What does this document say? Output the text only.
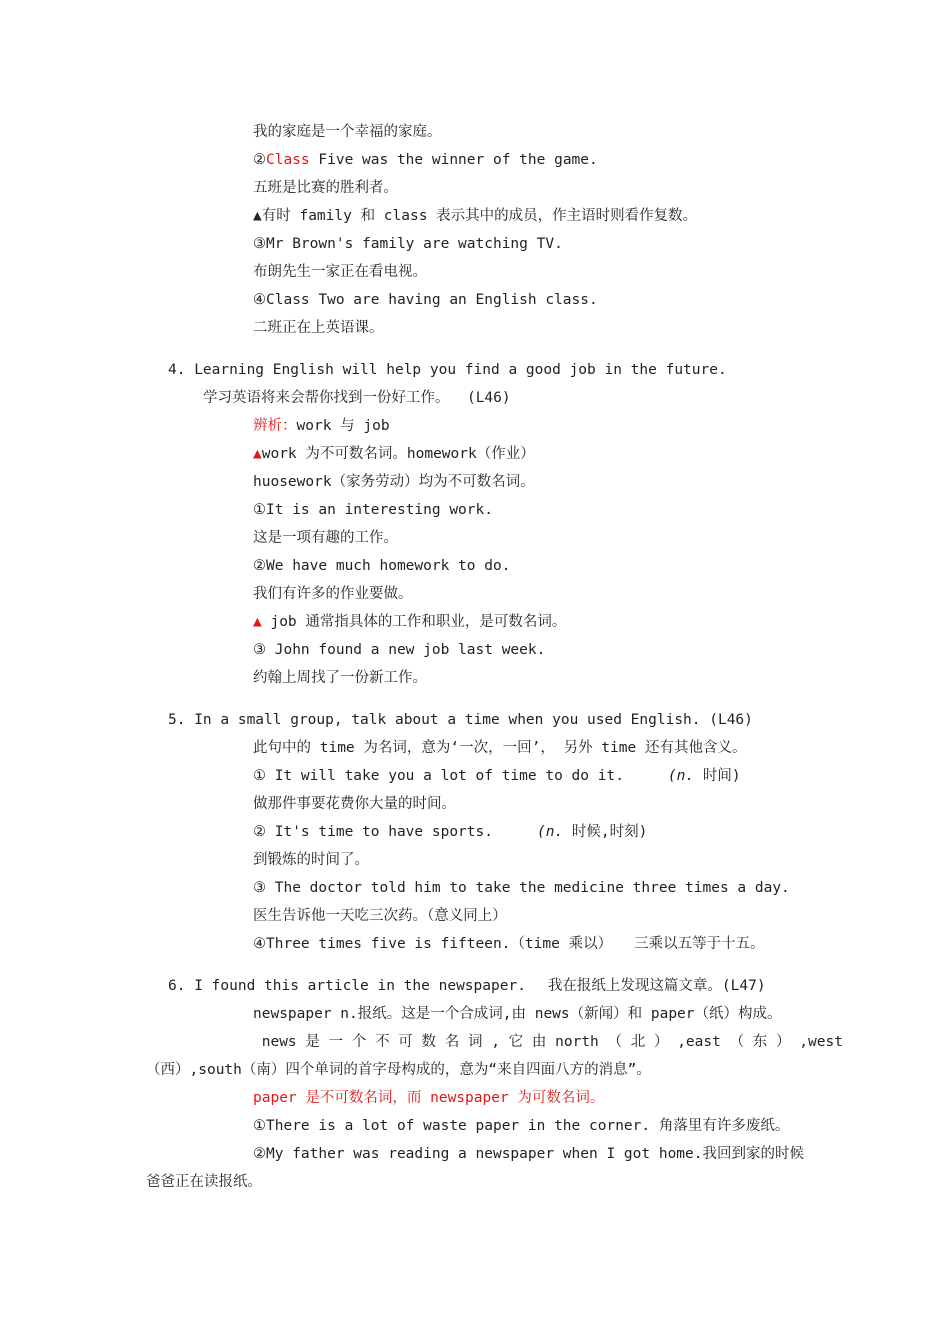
我的家庭是一个幸福的家庭。
②Class Five was the winner of the game.
五班是比赛的胜利者。
▲有时 family 和 class 表示其中的成员，作主语时则看作复数。
③Mr Brown's family are watching TV.
布朗先生一家正在看电视。
④Class Two are having an English class.
二班正在上英语课。
4. Learning English will help you find a good job in the future.
学习英语将来会帮你找到一份好工作。  (L46)
辨析：work 与 job
▲work 为不可数名词。homework（作业）
huosework（家务劳动）均为不可数名词。
①It is an interesting work.
这是一项有趣的工作。
②We have much homework to do.
我们有许多的作业要做。
▲ job 通常指具体的工作和职业，是可数名词。
③ John found a new job last week.
约翰上周找了一份新工作。
5. In a small group, talk about a time when you used English. (L46)
此句中的 time 为名词，意为‘一次，一回’， 另外 time 还有其他含义。
① It will take you a lot of time to do it.	(n. 时间)
做那件事要花费你大量的时间。
② It's time to have sports.	(n. 时候,时刻)
到锻炼的时间了。
③ The doctor told him to take the medicine three times a day.
医生告诉他一天吃三次药。（意义同上）
④Three times five is fifteen.（time 乘以） 三乘以五等于十五。
6. I found this article in the newspaper. 我在报纸上发现这篇文章。(L47)
newspaper n.报纸。这是一个合成词,由 news（新闻）和 paper（纸）构成。
news 是 一 个 不 可 数 名 词 , 它 由 north （ 北 ） ,east （ 东 ） ,west
（西）,south（南）四个单词的首字母构成的，意为“来自四面八方的消息”。
paper 是不可数名词，而 newspaper 为可数名词。
①There is a lot of waste paper in the corner. 角落里有许多废纸。
②My father was reading a newspaper when I got home.我回到家的时候
爸爸正在读报纸。
